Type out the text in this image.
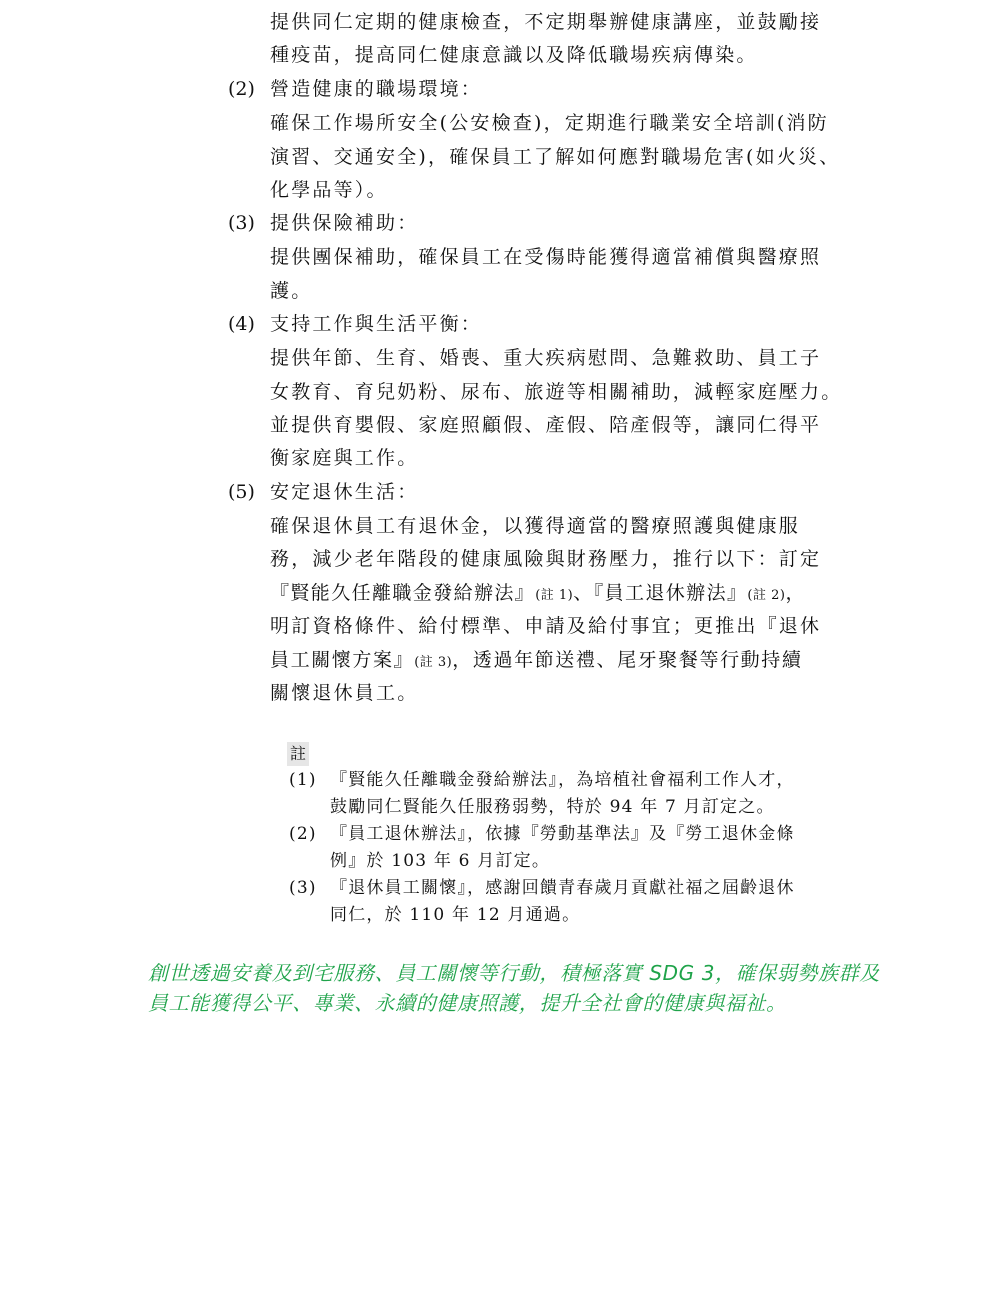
提供同仁定期的健康檢查，不定期舉辦健康講座，並鼓勵接
種疫苗，提高同仁健康意識以及降低職場疾病傳染。
(2) 營造健康的職場環境：
確保工作場所安全(公安檢查)，定期進行職業安全培訓(消防
演習、交通安全)，確保員工了解如何應對職場危害(如火災、
化學品等）。
(3) 提供保險補助：
提供團保補助，確保員工在受傷時能獲得適當補償與醫療照
護。
(4) 支持工作與生活平衡：
提供年節、生育、婚喪、重大疾病慰問、急難救助、員工子
女教育、育兒奶粉、尿布、旅遊等相關補助，減輕家庭壓力。
並提供育嬰假、家庭照顧假、產假、陪產假等，讓同仁得平
衡家庭與工作。
(5) 安定退休生活：
確保退休員工有退休金，以獲得適當的醫療照護與健康服
務，減少老年階段的健康風險與財務壓力，推行以下：訂定
『賢能久任離職金發給辦法』(註 1)、『員工退休辦法』(註 2)，
明訂資格條件、給付標準、申請及給付事宜；更推出『退休
員工關懷方案』(註 3)，透過年節送禮、尾牙聚餐等行動持續
關懷退休員工。
註
(1) 『賢能久任離職金發給辦法』，為培植社會福利工作人才，
鼓勵同仁賢能久任服務弱勢，特於 94 年 7 月訂定之。
(2) 『員工退休辦法』，依據『勞動基準法』及『勞工退休金條
例』於 103 年 6 月訂定。
(3) 『退休員工關懷』，感謝回饋青春歲月貢獻社福之屆齡退休
同仁，於 110 年 12 月通過。
創世透過安養及到宅服務、員工關懷等行動，積極落實 SDG 3，確保弱勢族群及
員工能獲得公平、專業、永續的健康照護，提升全社會的健康與福祉。
